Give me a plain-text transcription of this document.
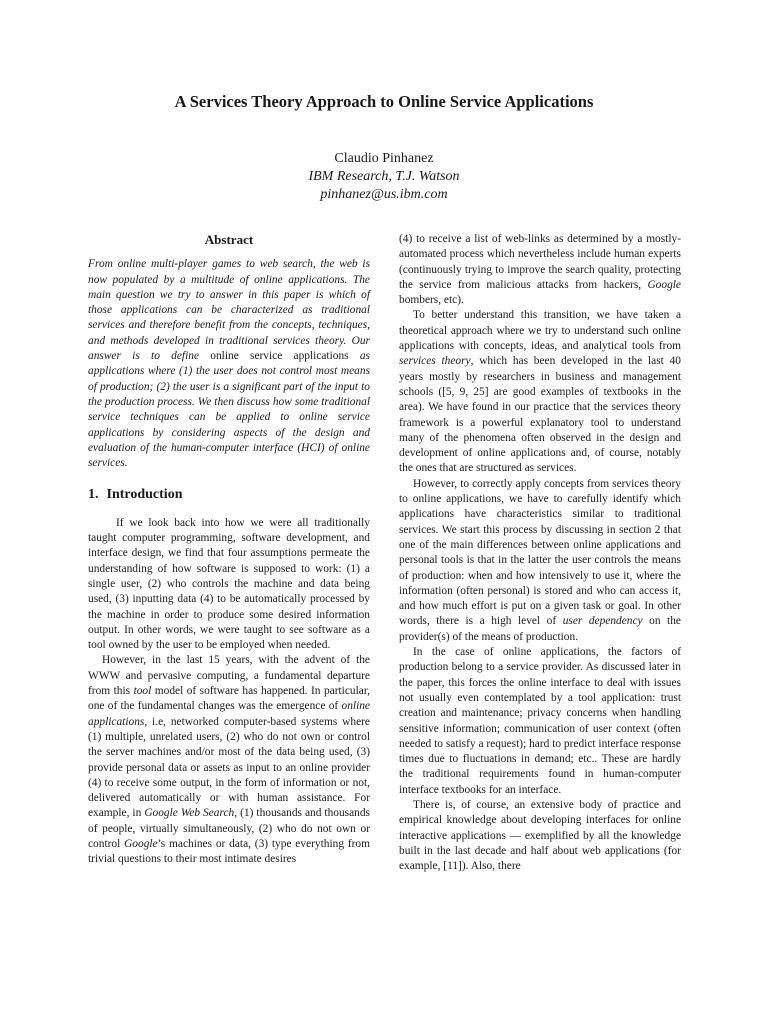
A Services Theory Approach to Online Service Applications
Claudio Pinhanez
IBM Research, T.J. Watson
pinhanez@us.ibm.com
Abstract

From online multi-player games to web search, the web is now populated by a multitude of online applications. The main question we try to answer in this paper is which of those applications can be characterized as traditional services and therefore benefit from the concepts, techniques, and methods developed in traditional services theory. Our answer is to define online service applications as applications where (1) the user does not control most means of production; (2) the user is a significant part of the input to the production process. We then discuss how some traditional service techniques can be applied to online service applications by considering aspects of the design and evaluation of the human-computer interface (HCI) of online services.

1. Introduction

If we look back into how we were all traditionally taught computer programming, software development, and interface design, we find that four assumptions permeate the understanding of how software is supposed to work: (1) a single user, (2) who controls the machine and data being used, (3) inputting data (4) to be automatically processed by the machine in order to produce some desired information output. In other words, we were taught to see software as a tool owned by the user to be employed when needed.

However, in the last 15 years, with the advent of the WWW and pervasive computing, a fundamental departure from this tool model of software has happened. In particular, one of the fundamental changes was the emergence of online applications, i.e, networked computer-based systems where (1) multiple, unrelated users, (2) who do not own or control the server machines and/or most of the data being used, (3) provide personal data or assets as input to an online provider (4) to receive some output, in the form of information or not, delivered automatically or with human assistance. For example, in Google Web Search, (1) thousands and thousands of people, virtually simultaneously, (2) who do not own or control Google’s machines or data, (3) type everything from trivial questions to their most intimate desires

(4) to receive a list of web-links as determined by a mostly-automated process which nevertheless include human experts (continuously trying to improve the search quality, protecting the service from malicious attacks from hackers, Google bombers, etc).

To better understand this transition, we have taken a theoretical approach where we try to understand such online applications with concepts, ideas, and analytical tools from services theory, which has been developed in the last 40 years mostly by researchers in business and management schools ([5, 9, 25] are good examples of textbooks in the area). We have found in our practice that the services theory framework is a powerful explanatory tool to understand many of the phenomena often observed in the design and development of online applications and, of course, notably the ones that are structured as services.

However, to correctly apply concepts from services theory to online applications, we have to carefully identify which applications have characteristics similar to traditional services. We start this process by discussing in section 2 that one of the main differences between online applications and personal tools is that in the latter the user controls the means of production: when and how intensively to use it, where the information (often personal) is stored and who can access it, and how much effort is put on a given task or goal. In other words, there is a high level of user dependency on the provider(s) of the means of production.

In the case of online applications, the factors of production belong to a service provider. As discussed later in the paper, this forces the online interface to deal with issues not usually even contemplated by a tool application: trust creation and maintenance; privacy concerns when handling sensitive information; communication of user context (often needed to satisfy a request); hard to predict interface response times due to fluctuations in demand; etc.. These are hardly the traditional requirements found in human-computer interface textbooks for an interface.

There is, of course, an extensive body of practice and empirical knowledge about developing interfaces for online interactive applications — exemplified by all the knowledge built in the last decade and half about web applications (for example, [11]). Also, there
